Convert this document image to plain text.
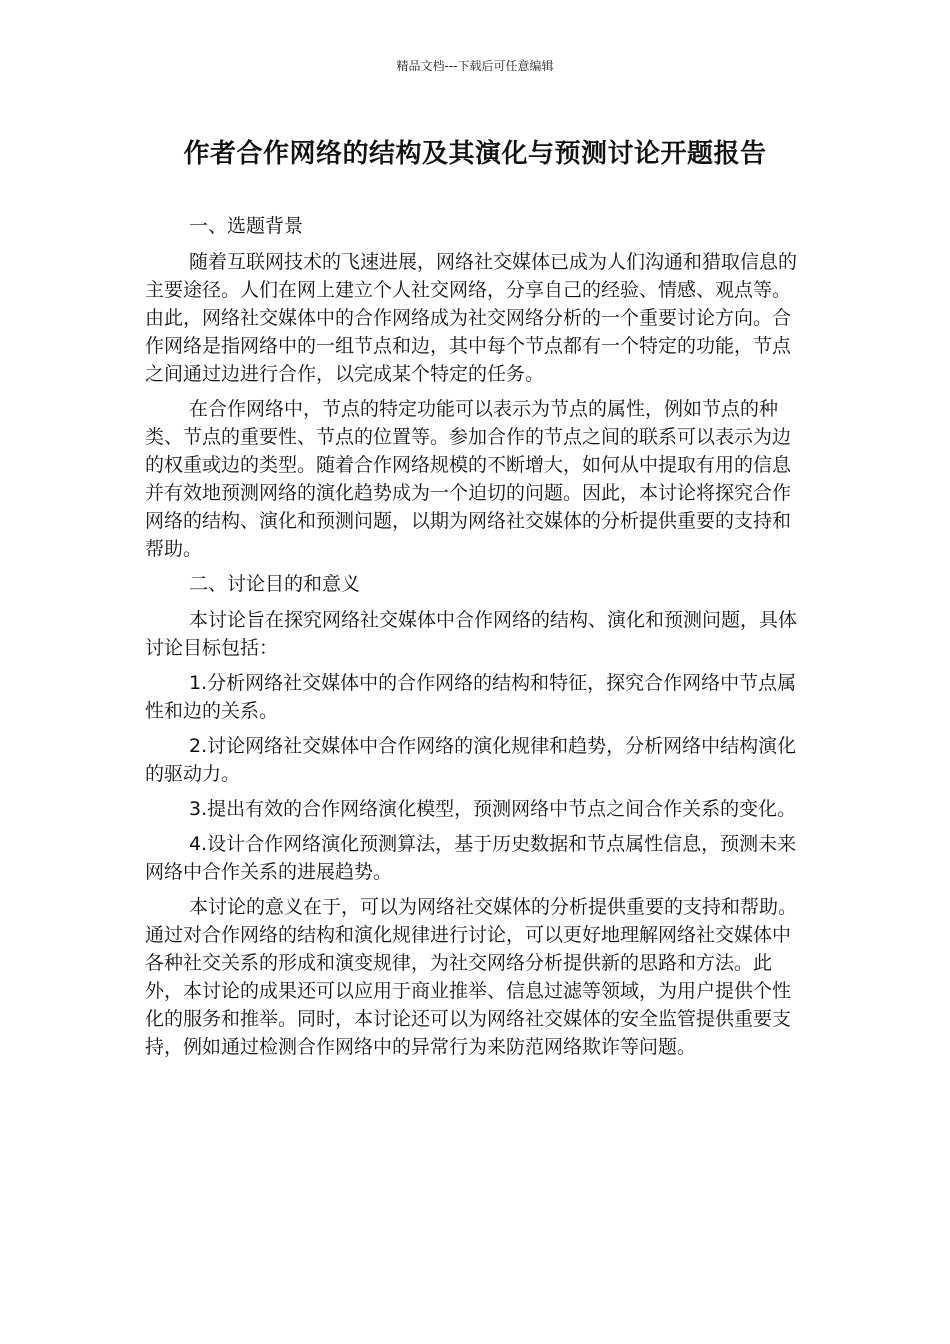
精品文档---下载后可任意编辑
作者合作网络的结构及其演化与预测讨论开题报告

一、选题背景

随着互联网技术的飞速进展，网络社交媒体已成为人们沟通和猎取信息的主要途径。人们在网上建立个人社交网络，分享自己的经验、情感、观点等。由此，网络社交媒体中的合作网络成为社交网络分析的一个重要讨论方向。合作网络是指网络中的一组节点和边，其中每个节点都有一个特定的功能，节点之间通过边进行合作，以完成某个特定的任务。

在合作网络中，节点的特定功能可以表示为节点的属性，例如节点的种类、节点的重要性、节点的位置等。参加合作的节点之间的联系可以表示为边的权重或边的类型。随着合作网络规模的不断增大，如何从中提取有用的信息并有效地预测网络的演化趋势成为一个迫切的问题。因此，本讨论将探究合作网络的结构、演化和预测问题，以期为网络社交媒体的分析提供重要的支持和帮助。

二、讨论目的和意义

本讨论旨在探究网络社交媒体中合作网络的结构、演化和预测问题，具体讨论目标包括：

1.分析网络社交媒体中的合作网络的结构和特征，探究合作网络中节点属性和边的关系。

2.讨论网络社交媒体中合作网络的演化规律和趋势，分析网络中结构演化的驱动力。

3.提出有效的合作网络演化模型，预测网络中节点之间合作关系的变化。

4.设计合作网络演化预测算法，基于历史数据和节点属性信息，预测未来网络中合作关系的进展趋势。

本讨论的意义在于，可以为网络社交媒体的分析提供重要的支持和帮助。通过对合作网络的结构和演化规律进行讨论，可以更好地理解网络社交媒体中各种社交关系的形成和演变规律，为社交网络分析提供新的思路和方法。此外，本讨论的成果还可以应用于商业推举、信息过滤等领域，为用户提供个性化的服务和推举。同时，本讨论还可以为网络社交媒体的安全监管提供重要支持，例如通过检测合作网络中的异常行为来防范网络欺诈等问题。
